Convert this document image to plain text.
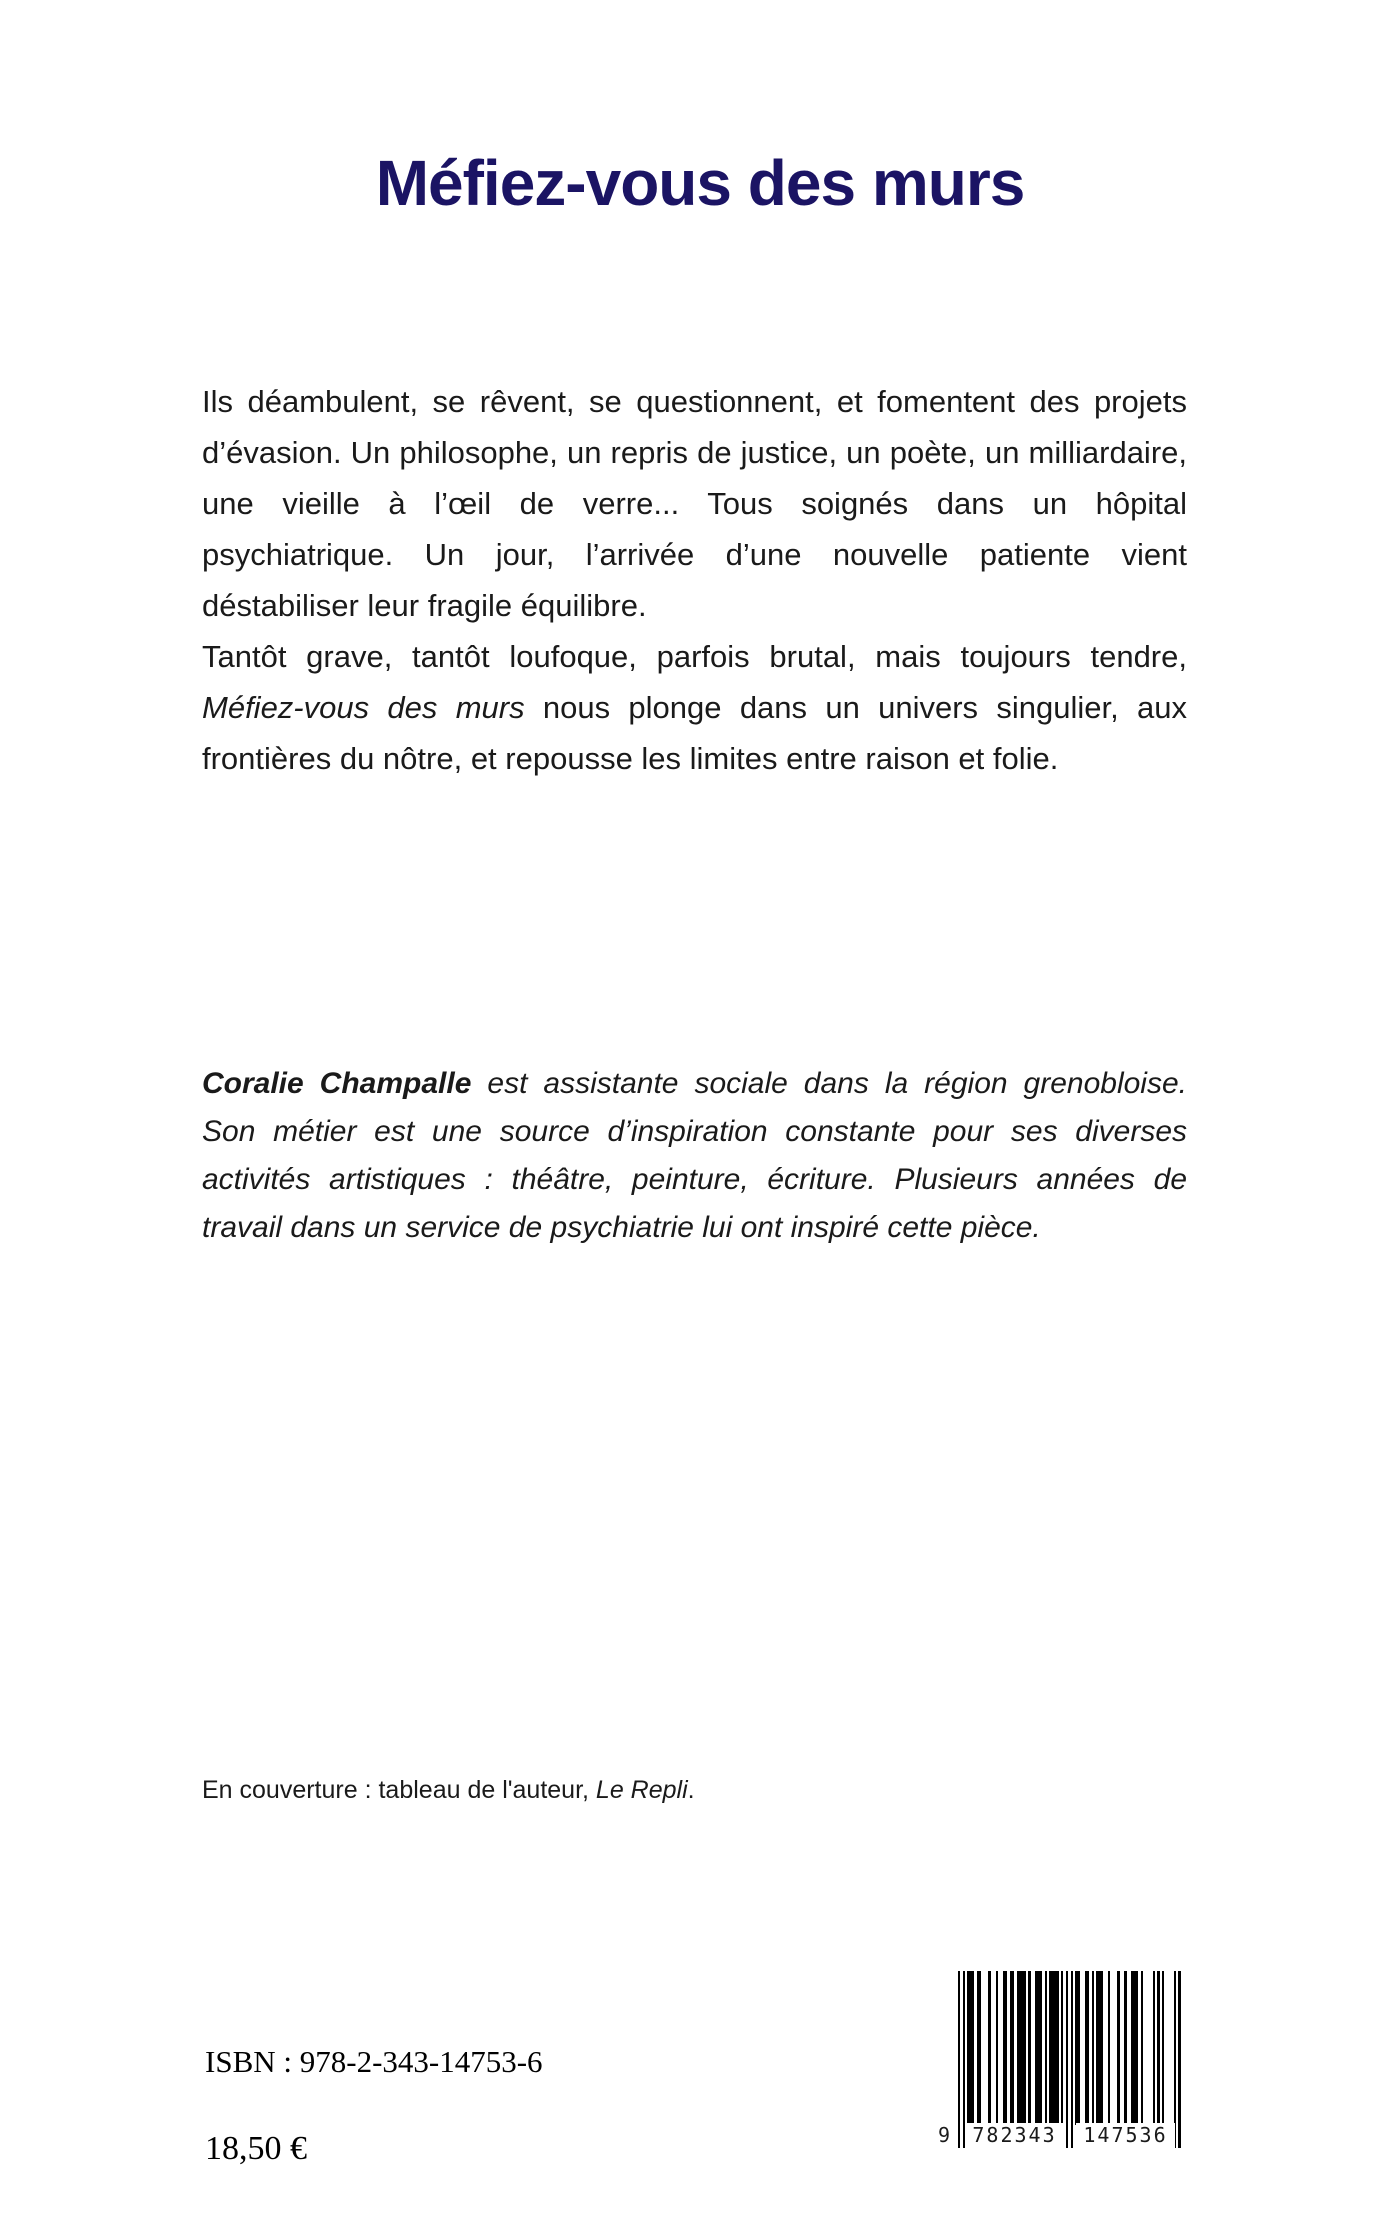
Méfiez-vous des murs

Ils déambulent, se rêvent, se questionnent, et fomentent des projets d’évasion. Un philosophe, un repris de justice, un poète, un milliardaire, une vieille à l’œil de verre... Tous soignés dans un hôpital psychiatrique. Un jour, l’arrivée d’une nouvelle patiente vient déstabiliser leur fragile équilibre.

Tantôt grave, tantôt loufoque, parfois brutal, mais toujours tendre, Méfiez-vous des murs nous plonge dans un univers singulier, aux frontières du nôtre, et repousse les limites entre raison et folie.

Coralie Champalle est assistante sociale dans la région grenobloise. Son métier est une source d’inspiration constante pour ses diverses activités artistiques : théâtre, peinture, écriture. Plusieurs années de travail dans un service de psychiatrie lui ont inspiré cette pièce.

En couverture : tableau de l'auteur, Le Repli.

ISBN : 978-2-343-14753-6
18,50 €	9	782343	147536
